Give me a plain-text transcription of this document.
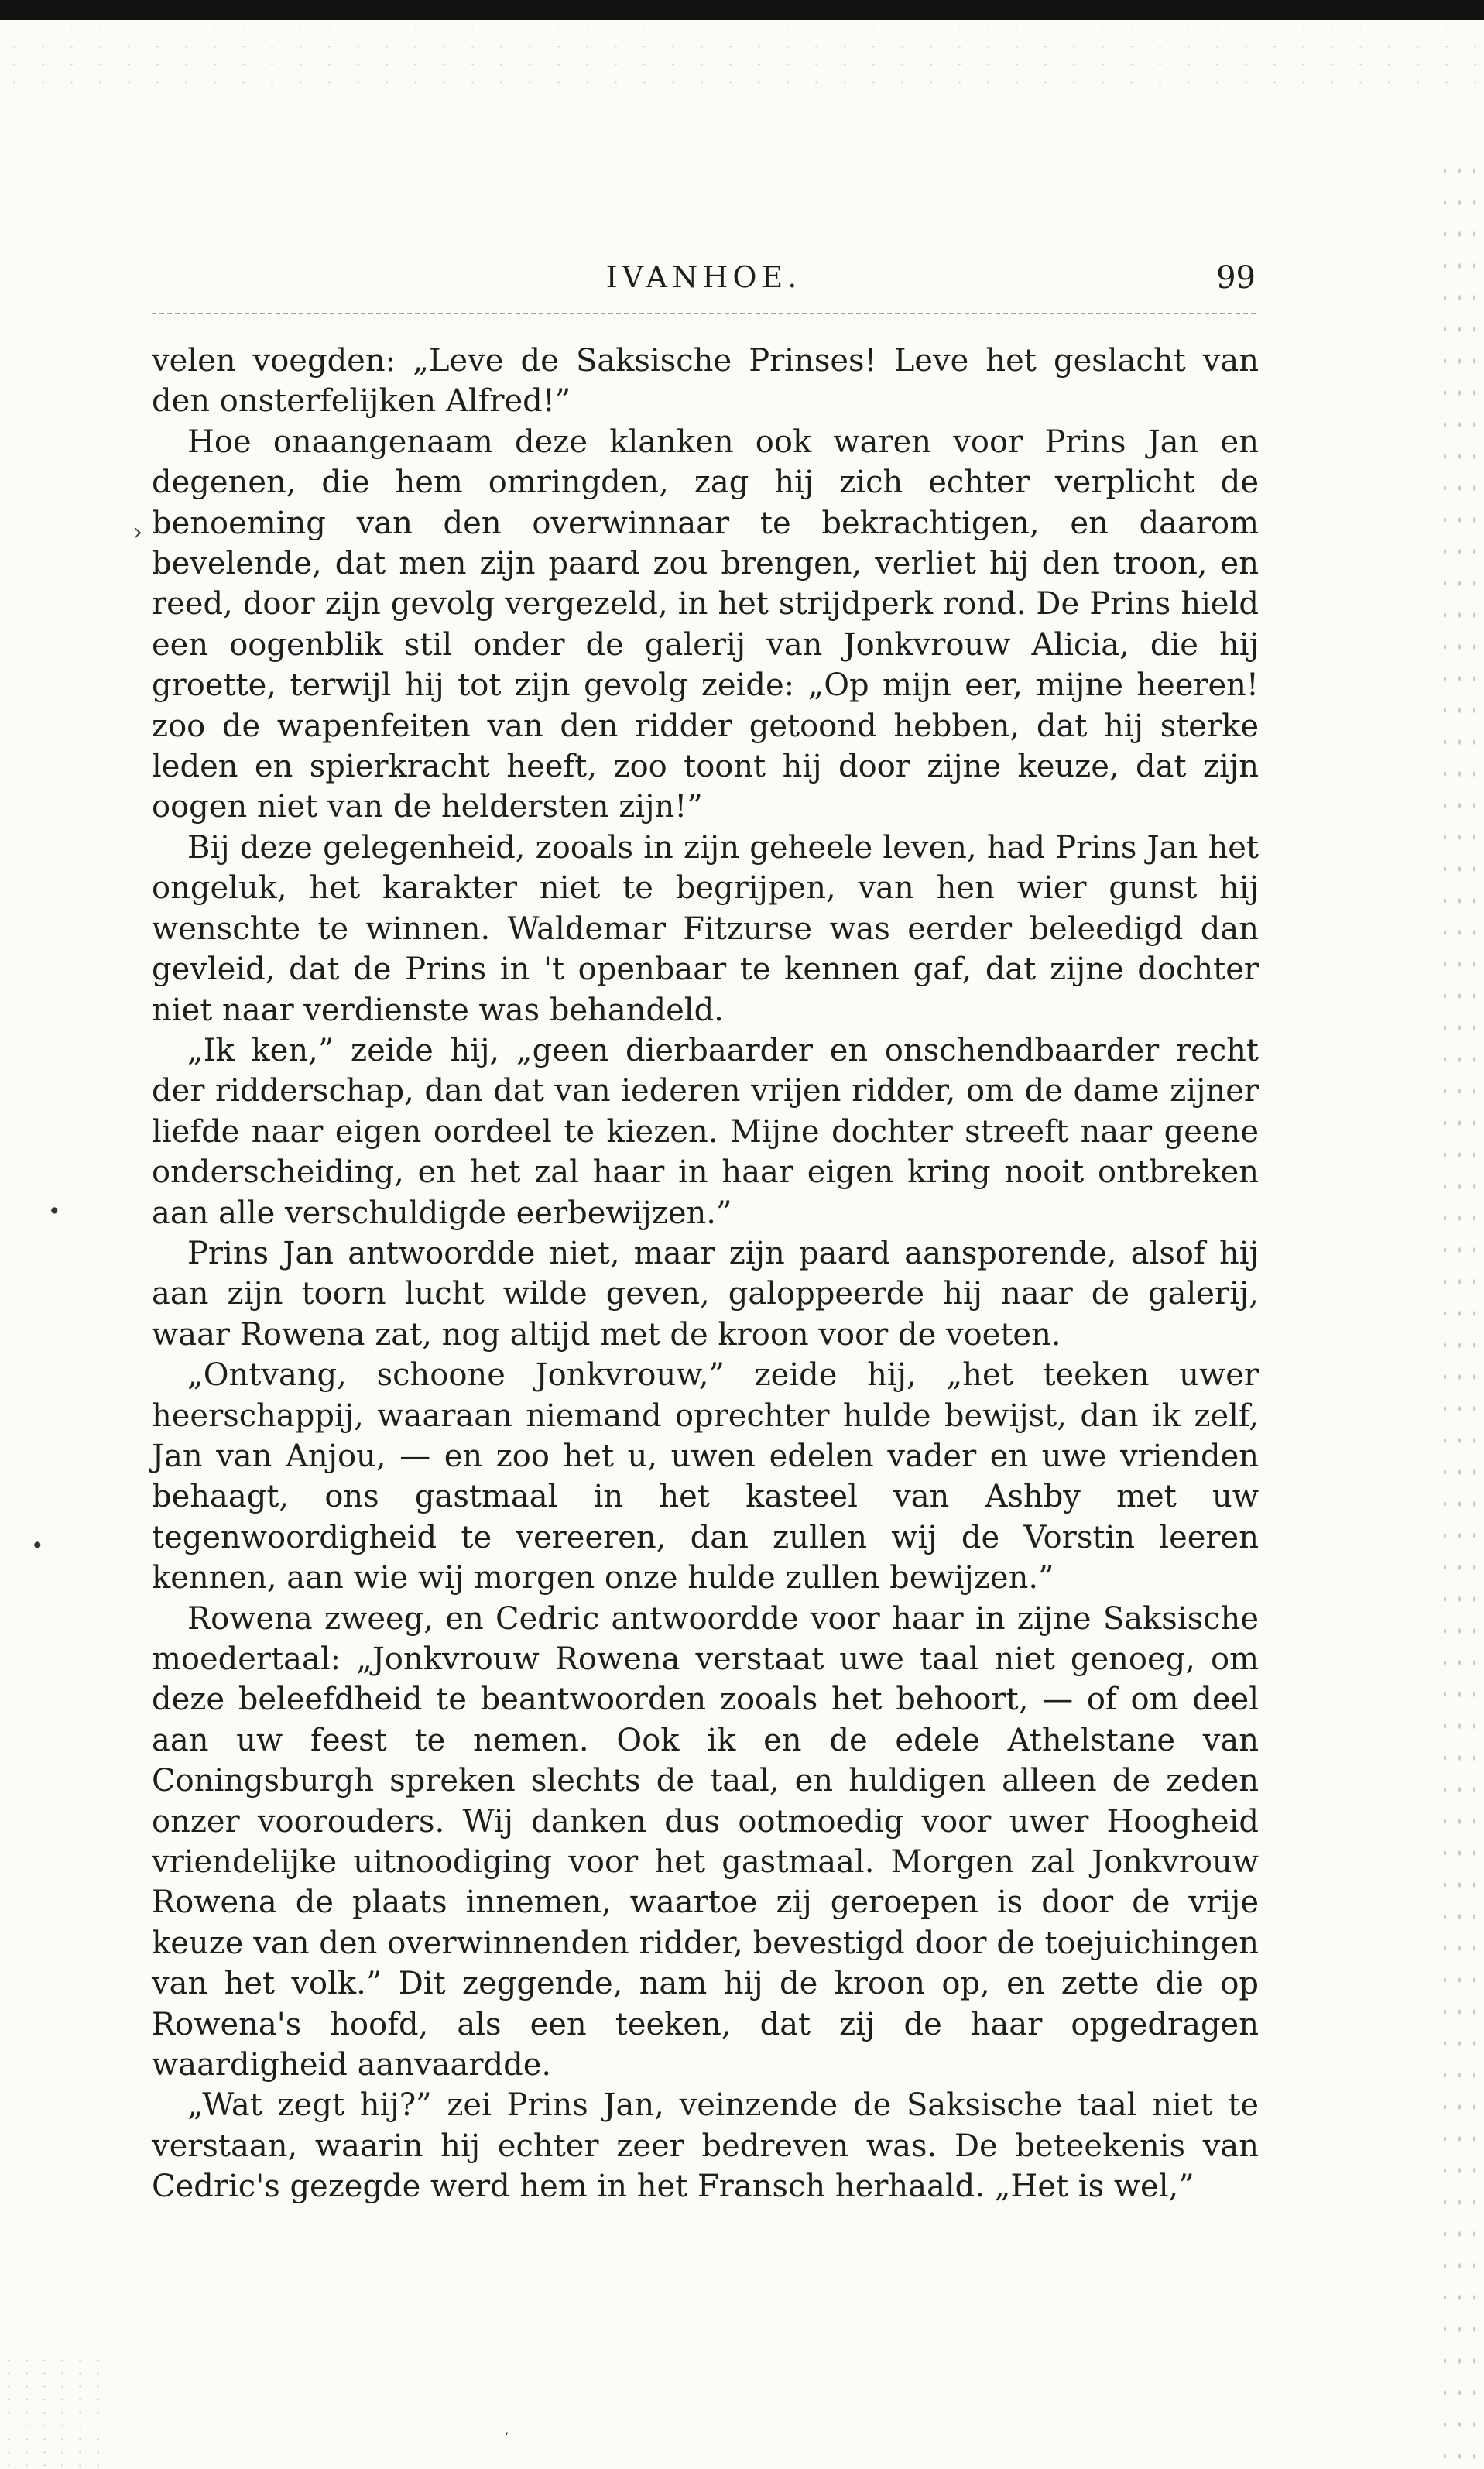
IVANHOE.	99
›
•
•
ˑ

velen voegden: „Leve de Saksische Prinses! Leve het geslacht van den onsterfelijken Alfred!”

Hoe onaangenaam deze klanken ook waren voor Prins Jan en degenen, die hem omringden, zag hij zich echter verplicht de benoeming van den overwinnaar te bekrachtigen, en daarom bevelende, dat men zijn paard zou brengen, verliet hij den troon, en reed, door zijn gevolg vergezeld, in het strijdperk rond. De Prins hield een oogenblik stil onder de galerij van Jonkvrouw Alicia, die hij groette, terwijl hij tot zijn gevolg zeide: „Op mijn eer, mijne heeren! zoo de wapenfeiten van den ridder getoond hebben, dat hij sterke leden en spierkracht heeft, zoo toont hij door zijne keuze, dat zijn oogen niet van de heldersten zijn!”

Bij deze gelegenheid, zooals in zijn geheele leven, had Prins Jan het ongeluk, het karakter niet te begrijpen, van hen wier gunst hij wenschte te winnen. Waldemar Fitzurse was eerder beleedigd dan gevleid, dat de Prins in 't openbaar te kennen gaf, dat zijne dochter niet naar verdienste was behandeld.

„Ik ken,” zeide hij, „geen dierbaarder en onschendbaarder recht der ridderschap, dan dat van iederen vrijen ridder, om de dame zijner liefde naar eigen oordeel te kiezen. Mijne dochter streeft naar geene onderscheiding, en het zal haar in haar eigen kring nooit ontbreken aan alle verschuldigde eerbewijzen.”

Prins Jan antwoordde niet, maar zijn paard aansporende, alsof hij aan zijn toorn lucht wilde geven, galoppeerde hij naar de galerij, waar Rowena zat, nog altijd met de kroon voor de voeten.

„Ontvang, schoone Jonkvrouw,” zeide hij, „het teeken uwer heerschappij, waaraan niemand oprechter hulde bewijst, dan ik zelf, Jan van Anjou, — en zoo het u, uwen edelen vader en uwe vrienden behaagt, ons gastmaal in het kasteel van Ashby met uw tegenwoordigheid te vereeren, dan zullen wij de Vorstin leeren kennen, aan wie wij morgen onze hulde zullen bewijzen.”

Rowena zweeg, en Cedric antwoordde voor haar in zijne Saksische moedertaal: „Jonkvrouw Rowena verstaat uwe taal niet genoeg, om deze beleefdheid te beantwoorden zooals het behoort, — of om deel aan uw feest te nemen. Ook ik en de edele Athelstane van Coningsburgh spreken slechts de taal, en huldigen alleen de zeden onzer voorouders. Wij danken dus ootmoedig voor uwer Hoogheid vriendelijke uitnoodiging voor het gastmaal. Morgen zal Jonkvrouw Rowena de plaats innemen, waartoe zij geroepen is door de vrije keuze van den overwinnenden ridder, bevestigd door de toejuichingen van het volk.” Dit zeggende, nam hij de kroon op, en zette die op Rowena's hoofd, als een teeken, dat zij de haar opgedragen waardigheid aanvaardde.

„Wat zegt hij?” zei Prins Jan, veinzende de Saksische taal niet te verstaan, waarin hij echter zeer bedreven was. De beteekenis van Cedric's gezegde werd hem in het Fransch herhaald. „Het is wel,”
